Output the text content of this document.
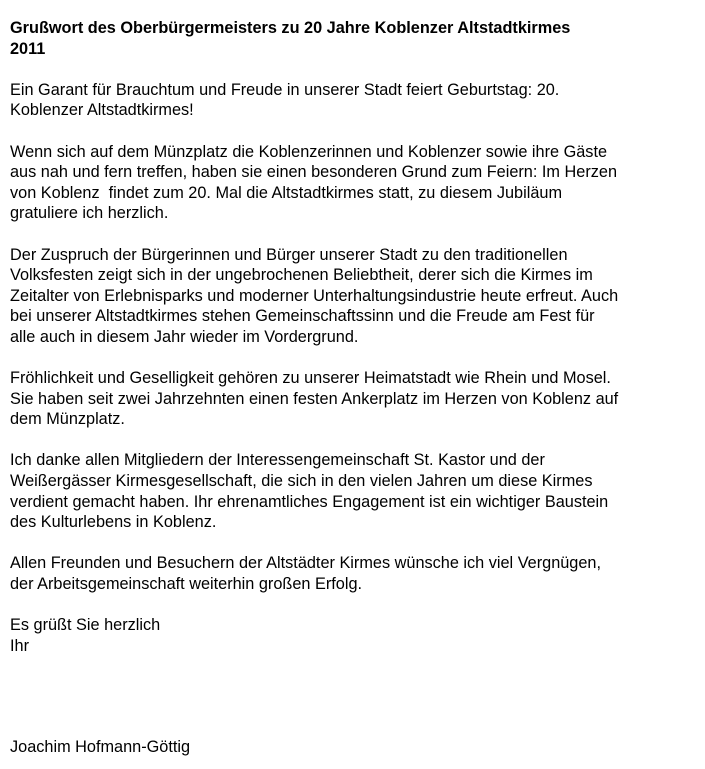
Grußwort des Oberbürgermeisters zu 20 Jahre Koblenzer Altstadtkirmes
2011
Ein Garant für Brauchtum und Freude in unserer Stadt feiert Geburtstag: 20.
Koblenzer Altstadtkirmes!
Wenn sich auf dem Münzplatz die Koblenzerinnen und Koblenzer sowie ihre Gäste
aus nah und fern treffen, haben sie einen besonderen Grund zum Feiern: Im Herzen
von Koblenz  findet zum 20. Mal die Altstadtkirmes statt, zu diesem Jubiläum
gratuliere ich herzlich.
Der Zuspruch der Bürgerinnen und Bürger unserer Stadt zu den traditionellen
Volksfesten zeigt sich in der ungebrochenen Beliebtheit, derer sich die Kirmes im
Zeitalter von Erlebnisparks und moderner Unterhaltungsindustrie heute erfreut. Auch
bei unserer Altstadtkirmes stehen Gemeinschaftssinn und die Freude am Fest für
alle auch in diesem Jahr wieder im Vordergrund.
Fröhlichkeit und Geselligkeit gehören zu unserer Heimatstadt wie Rhein und Mosel.
Sie haben seit zwei Jahrzehnten einen festen Ankerplatz im Herzen von Koblenz auf
dem Münzplatz.
Ich danke allen Mitgliedern der Interessengemeinschaft St. Kastor und der
Weißergässer Kirmesgesellschaft, die sich in den vielen Jahren um diese Kirmes
verdient gemacht haben. Ihr ehrenamtliches Engagement ist ein wichtiger Baustein
des Kulturlebens in Koblenz.
Allen Freunden und Besuchern der Altstädter Kirmes wünsche ich viel Vergnügen,
der Arbeitsgemeinschaft weiterhin großen Erfolg.
Es grüßt Sie herzlich
Ihr
Joachim Hofmann-Göttig
